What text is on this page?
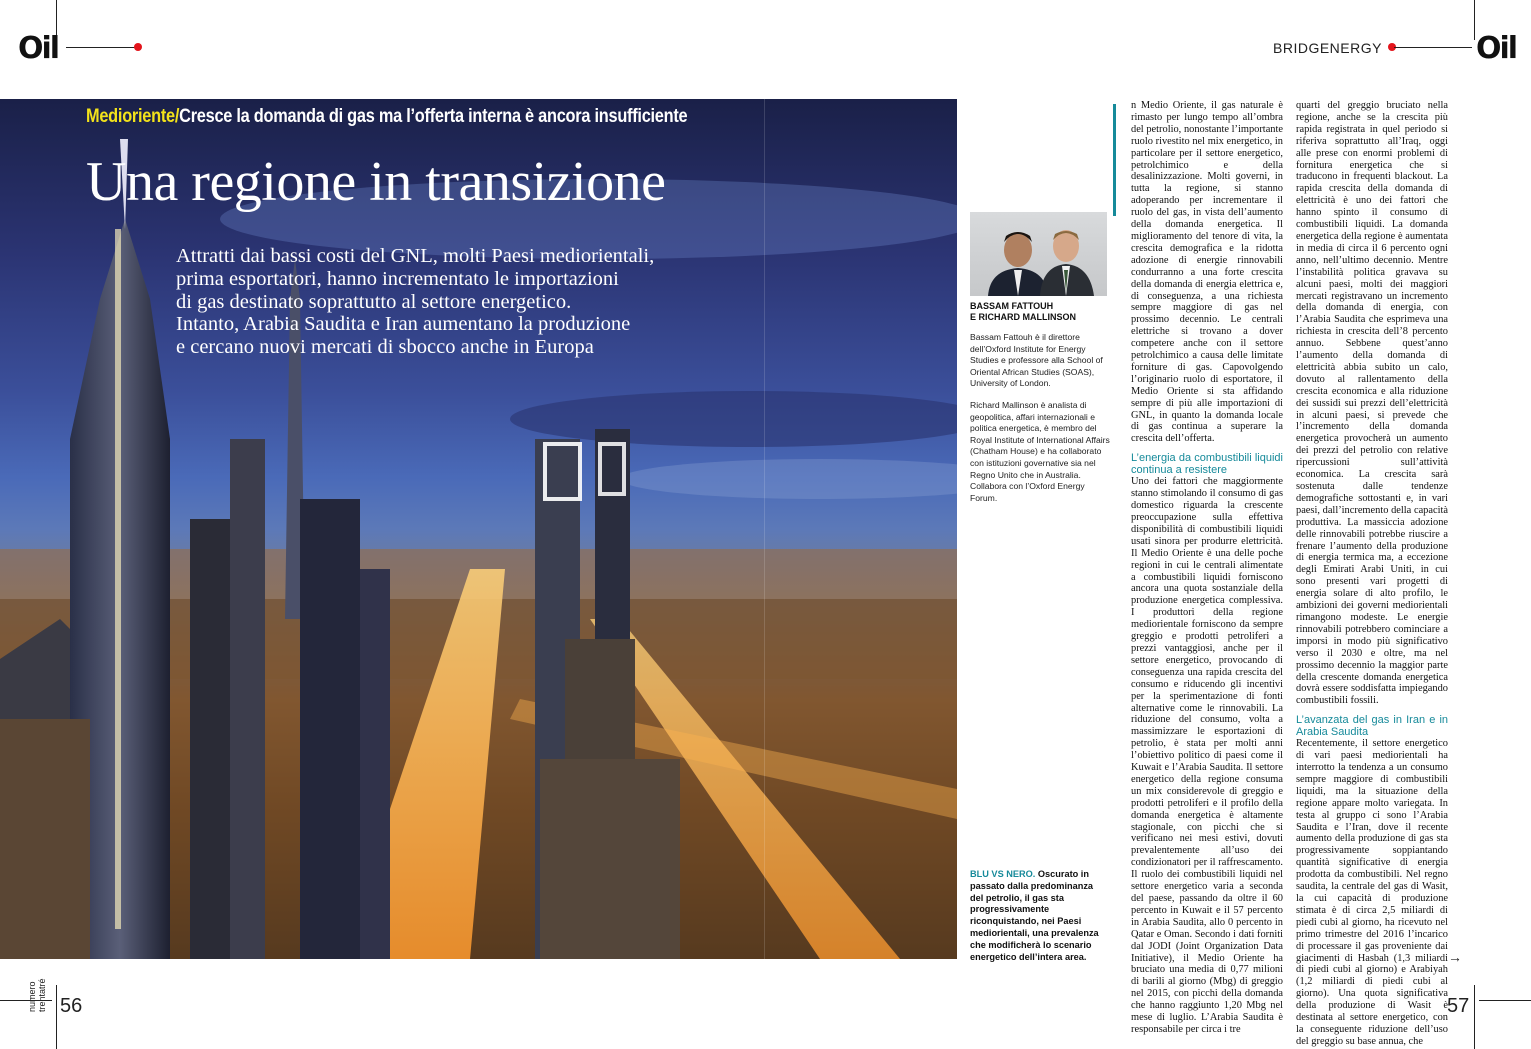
Oil	BRIDGENERGY	Oil
Medioriente/Cresce la domanda di gas ma l’offerta interna è ancora insufficiente
Una regione in transizione
Attratti dai bassi costi del GNL, molti Paesi mediorientali,
prima esportatori, hanno incrementato le importazioni
di gas destinato soprattutto al settore energetico.
Intanto, Arabia Saudita e Iran aumentano la produzione
e cercano nuovi mercati di sbocco anche in Europa
BASSAM FATTOUH
E RICHARD MALLINSON
Bassam Fattouh è il direttore dell’Oxford Institute for Energy Studies e professore alla School of Oriental African Studies (SOAS), University of London.
Richard Mallinson è analista di geopolitica, affari internazionali e politica energetica, è membro del Royal Institute of International Affairs (Chatham House) e ha collaborato con istituzioni governative sia nel Regno Unito che in Australia. Collabora con l’Oxford Energy Forum.
BLU VS NERO. Oscurato in passato dalla predominanza del petrolio, il gas sta progressivamente riconquistando, nei Paesi mediorientali, una prevalenza che modificherà lo scenario energetico dell’intera area.

n Medio Oriente, il gas naturale è rimasto per lungo tempo all’ombra del petrolio, nonostante l’importante ruolo rivestito nel mix energetico, in particolare per il settore energetico, petrolchimico e della desalinizzazione. Molti governi, in tutta la regione, si stanno adoperando per incrementare il ruolo del gas, in vista dell’aumento della domanda energetica. Il miglioramento del tenore di vita, la crescita demografica e la ridotta adozione di energie rinnovabili condurranno a una forte crescita della domanda di energia elettrica e, di conseguenza, a una richiesta sempre maggiore di gas nel prossimo decennio. Le centrali elettriche si trovano a dover competere anche con il settore petrolchimico a causa delle limitate forniture di gas. Capovolgendo l’originario ruolo di esportatore, il Medio Oriente si sta affidando sempre di più alle importazioni di GNL, in quanto la domanda locale di gas continua a superare la crescita dell’offerta.

L’energia da combustibili liquidi continua a resistere

Uno dei fattori che maggiormente stanno stimolando il consumo di gas domestico riguarda la crescente preoccupazione sulla effettiva disponibilità di combustibili liquidi usati sinora per produrre elettricità. Il Medio Oriente è una delle poche regioni in cui le centrali alimentate a combustibili liquidi forniscono ancora una quota sostanziale della produzione energetica complessiva. I produttori della regione mediorientale forniscono da sempre greggio e prodotti petroliferi a prezzi vantaggiosi, anche per il settore energetico, provocando di conseguenza una rapida crescita del consumo e riducendo gli incentivi per la sperimentazione di fonti alternative come le rinnovabili. La riduzione del consumo, volta a massimizzare le esportazioni di petrolio, è stata per molti anni l’obiettivo politico di paesi come il Kuwait e l’Arabia Saudita. Il settore energetico della regione consuma un mix considerevole di greggio e prodotti petroliferi e il profilo della domanda energetica è altamente stagionale, con picchi che si verificano nei mesi estivi, dovuti prevalentemente all’uso dei condizionatori per il raffrescamento. Il ruolo dei combustibili liquidi nel settore energetico varia a seconda del paese, passando da oltre il 60 percento in Kuwait e il 57 percento in Arabia Saudita, allo 0 percento in Qatar e Oman. Secondo i dati forniti dal JODI (Joint Organization Data Initiative), il Medio Oriente ha bruciato una media di 0,77 milioni di barili al giorno (Mbg) di greggio nel 2015, con picchi della domanda che hanno raggiunto 1,20 Mbg nel mese di luglio. L’Arabia Saudita è responsabile per circa i tre

quarti del greggio bruciato nella regione, anche se la crescita più rapida registrata in quel periodo si riferiva soprattutto all’Iraq, oggi alle prese con enormi problemi di fornitura energetica che si traducono in frequenti blackout. La rapida crescita della domanda di elettricità è uno dei fattori che hanno spinto il consumo di combustibili liquidi. La domanda energetica della regione è aumentata in media di circa il 6 percento ogni anno, nell’ultimo decennio. Mentre l’instabilità politica gravava su alcuni paesi, molti dei maggiori mercati registravano un incremento della domanda di energia, con l’Arabia Saudita che esprimeva una richiesta in crescita dell’8 percento annuo. Sebbene quest’anno l’aumento della domanda di elettricità abbia subito un calo, dovuto al rallentamento della crescita economica e alla riduzione dei sussidi sui prezzi dell’elettricità in alcuni paesi, si prevede che l’incremento della domanda energetica provocherà un aumento dei prezzi del petrolio con relative ripercussioni sull’attività economica. La crescita sarà sostenuta dalle tendenze demografiche sottostanti e, in vari paesi, dall’incremento della capacità produttiva. La massiccia adozione delle rinnovabili potrebbe riuscire a frenare l’aumento della produzione di energia termica ma, a eccezione degli Emirati Arabi Uniti, in cui sono presenti vari progetti di energia solare di alto profilo, le ambizioni dei governi mediorientali rimangono modeste. Le energie rinnovabili potrebbero cominciare a imporsi in modo più significativo verso il 2030 e oltre, ma nel prossimo decennio la maggior parte della crescente domanda energetica dovrà essere soddisfatta impiegando combustibili fossili.

L’avanzata del gas in Iran e in Arabia Saudita

Recentemente, il settore energetico di vari paesi mediorientali ha interrotto la tendenza a un consumo sempre maggiore di combustibili liquidi, ma la situazione della regione appare molto variegata. In testa al gruppo ci sono l’Arabia Saudita e l’Iran, dove il recente aumento della produzione di gas sta progressivamente soppiantando quantità significative di energia prodotta da combustibili. Nel regno saudita, la centrale del gas di Wasit, la cui capacità di produzione stimata è di circa 2,5 miliardi di piedi cubi al giorno, ha ricevuto nel primo trimestre del 2016 l’incarico di processare il gas proveniente dai giacimenti di Hasbah (1,3 miliardi di piedi cubi al giorno) e Arabiyah (1,2 miliardi di piedi cubi al giorno). Una quota significativa della produzione di Wasit è destinata al settore energetico, con la conseguente riduzione dell’uso del greggio su base annua, che

→
numero trentatré 56	57
